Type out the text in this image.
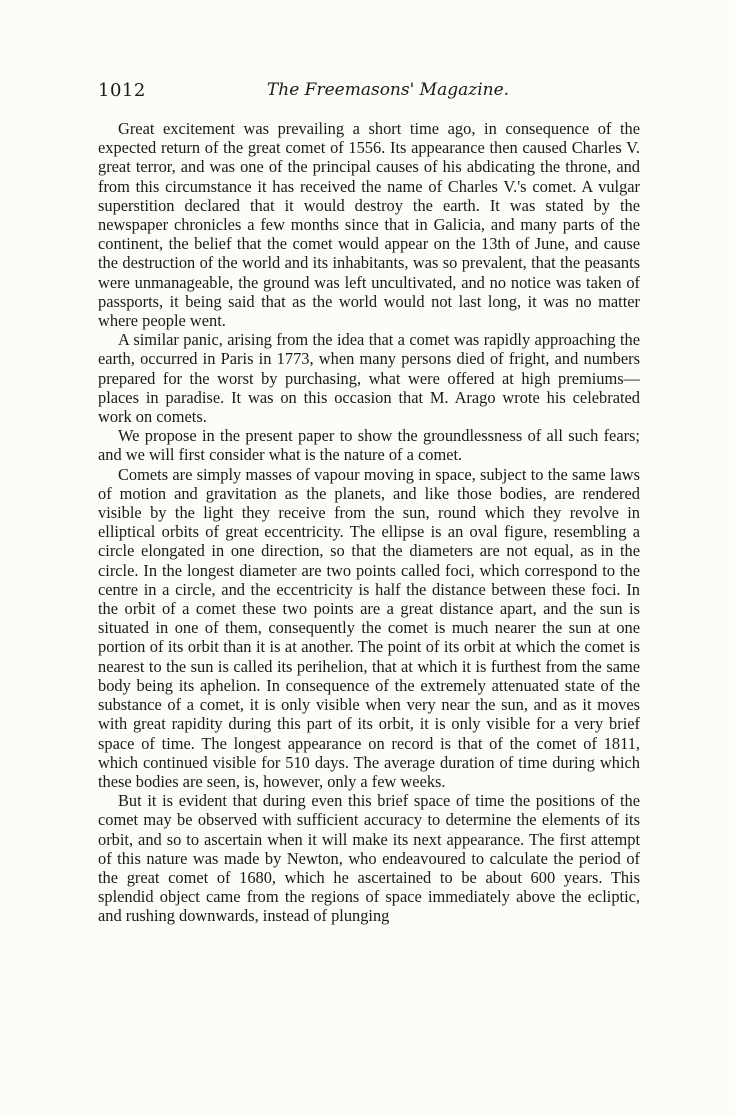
1012	The Freemasons' Magazine.

Great excitement was prevailing a short time ago, in consequence of the expected return of the great comet of 1556. Its appearance then caused Charles V. great terror, and was one of the principal causes of his abdicating the throne, and from this circumstance it has received the name of Charles V.'s comet. A vulgar superstition declared that it would destroy the earth. It was stated by the newspaper chronicles a few months since that in Galicia, and many parts of the continent, the belief that the comet would appear on the 13th of June, and cause the destruction of the world and its inhabitants, was so prevalent, that the peasants were unmanageable, the ground was left uncultivated, and no notice was taken of passports, it being said that as the world would not last long, it was no matter where people went.

A similar panic, arising from the idea that a comet was rapidly approaching the earth, occurred in Paris in 1773, when many persons died of fright, and numbers prepared for the worst by purchasing, what were offered at high premiums—places in paradise. It was on this occasion that M. Arago wrote his celebrated work on comets.

We propose in the present paper to show the groundlessness of all such fears; and we will first consider what is the nature of a comet.

Comets are simply masses of vapour moving in space, subject to the same laws of motion and gravitation as the planets, and like those bodies, are rendered visible by the light they receive from the sun, round which they revolve in elliptical orbits of great eccentricity. The ellipse is an oval figure, resembling a circle elongated in one direction, so that the diameters are not equal, as in the circle. In the longest diameter are two points called foci, which correspond to the centre in a circle, and the eccentricity is half the distance between these foci. In the orbit of a comet these two points are a great distance apart, and the sun is situated in one of them, consequently the comet is much nearer the sun at one portion of its orbit than it is at another. The point of its orbit at which the comet is nearest to the sun is called its perihelion, that at which it is furthest from the same body being its aphelion. In consequence of the extremely attenuated state of the substance of a comet, it is only visible when very near the sun, and as it moves with great rapidity during this part of its orbit, it is only visible for a very brief space of time. The longest appearance on record is that of the comet of 1811, which continued visible for 510 days. The average duration of time during which these bodies are seen, is, however, only a few weeks.

But it is evident that during even this brief space of time the positions of the comet may be observed with sufficient accuracy to determine the elements of its orbit, and so to ascertain when it will make its next appearance. The first attempt of this nature was made by Newton, who endeavoured to calculate the period of the great comet of 1680, which he ascertained to be about 600 years. This splendid object came from the regions of space immediately above the ecliptic, and rushing downwards, instead of plunging
